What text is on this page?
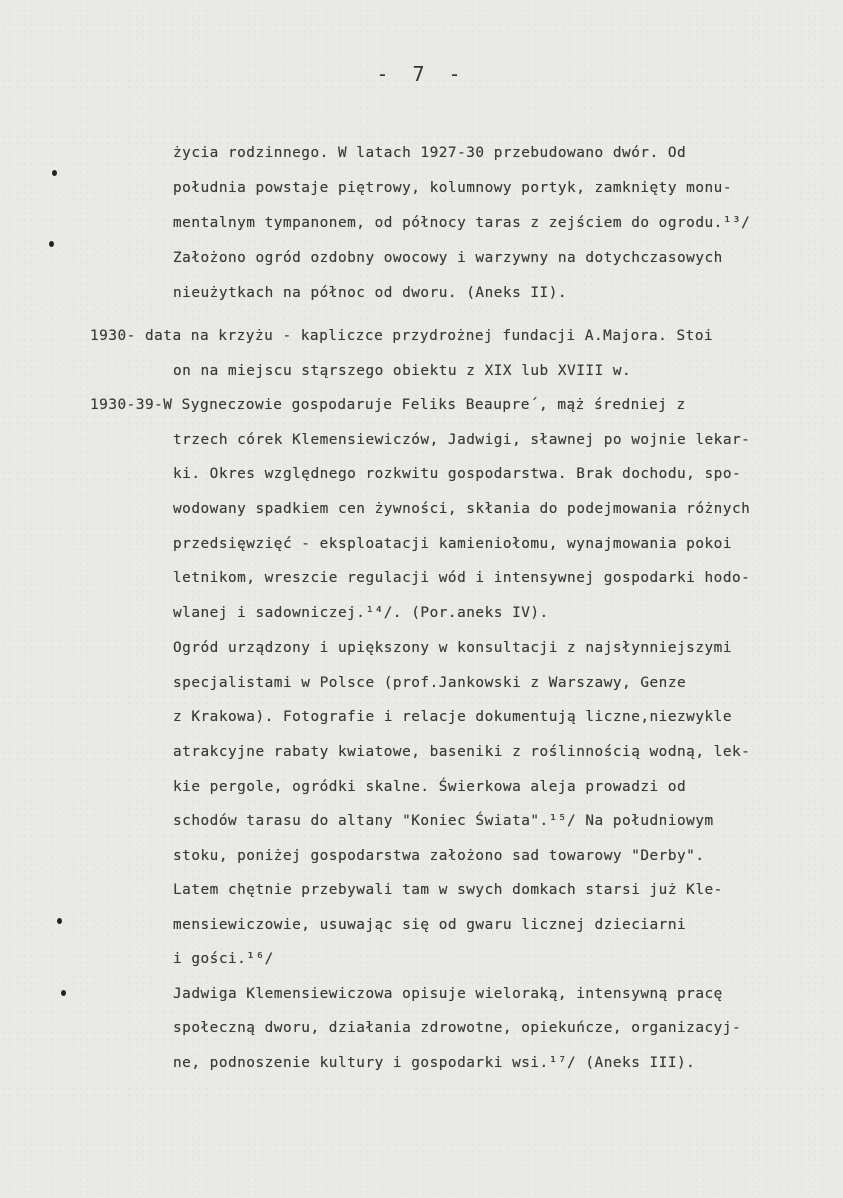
- 7 -
życia rodzinnego. W latach 1927-30 przebudowano dwór. Od
południa powstaje piętrowy, kolumnowy portyk, zamknięty monu-
mentalnym tympanonem, od północy taras z zejściem do ogrodu.¹³/
Założono ogród ozdobny owocowy i warzywny na dotychczasowych
nieużytkach na północ od dworu. (Aneks II).
1930- data na krzyżu - kapliczce przydrożnej fundacji A.Majora. Stoi
on na miejscu stąrszego obiektu z XIX lub XVIII w.
1930-39-W Sygneczowie gospodaruje Feliks Beaupre´, mąż średniej z
trzech córek Klemensiewiczów, Jadwigi, sławnej po wojnie lekar-
ki. Okres względnego rozkwitu gospodarstwa. Brak dochodu, spo-
wodowany spadkiem cen żywności, skłania do podejmowania różnych
przedsięwzięć - eksploatacji kamieniołomu, wynajmowania pokoi
letnikom, wreszcie regulacji wód i intensywnej gospodarki hodo-
wlanej i sadowniczej.¹⁴/. (Por.aneks IV).
Ogród urządzony i upiększony w konsultacji z najsłynniejszymi
specjalistami w Polsce (prof.Jankowski z Warszawy, Genze
z Krakowa). Fotografie i relacje dokumentują liczne,niezwykle
atrakcyjne rabaty kwiatowe, baseniki z roślinnością wodną, lek-
kie pergole, ogródki skalne. Świerkowa aleja prowadzi od
schodów tarasu do altany "Koniec Świata".¹⁵/ Na południowym
stoku, poniżej gospodarstwa założono sad towarowy "Derby".
Latem chętnie przebywali tam w swych domkach starsi już Kle-
mensiewiczowie, usuwając się od gwaru licznej dzieciarni
i gości.¹⁶/
Jadwiga Klemensiewiczowa opisuje wieloraką, intensywną pracę
społeczną dworu, działania zdrowotne, opiekuńcze, organizacyj-
ne, podnoszenie kultury i gospodarki wsi.¹⁷/ (Aneks III).
